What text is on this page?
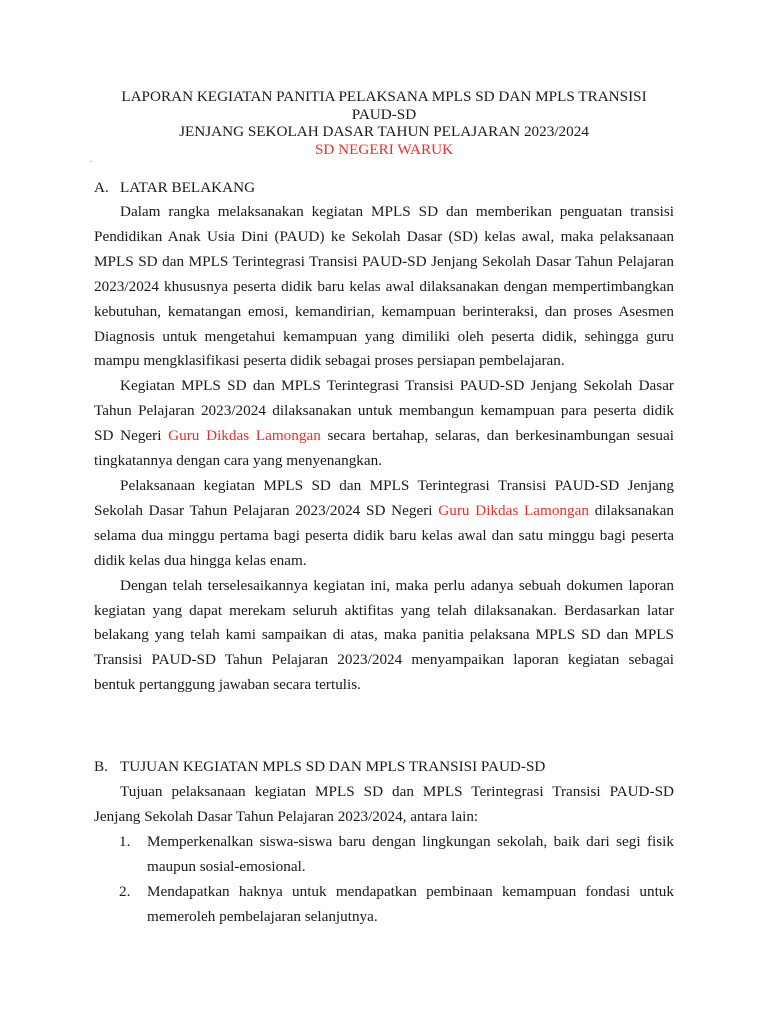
LAPORAN KEGIATAN PANITIA PELAKSANA MPLS SD DAN MPLS TRANSISI
PAUD-SD
JENJANG SEKOLAH DASAR TAHUN PELAJARAN 2023/2024
SD NEGERI WARUK
.
A. LATAR BELAKANG

Dalam rangka melaksanakan kegiatan MPLS SD dan memberikan penguatan transisi Pendidikan Anak Usia Dini (PAUD) ke Sekolah Dasar (SD) kelas awal, maka pelaksanaan MPLS SD dan MPLS Terintegrasi Transisi PAUD-SD Jenjang Sekolah Dasar Tahun Pelajaran 2023/2024 khususnya peserta didik baru kelas awal dilaksanakan dengan mempertimbangkan kebutuhan, kematangan emosi, kemandirian, kemampuan berinteraksi, dan proses Asesmen Diagnosis untuk mengetahui kemampuan yang dimiliki oleh peserta didik, sehingga guru mampu mengklasifikasi peserta didik sebagai proses persiapan pembelajaran.

Kegiatan MPLS SD dan MPLS Terintegrasi Transisi PAUD-SD Jenjang Sekolah Dasar Tahun Pelajaran 2023/2024 dilaksanakan untuk membangun kemampuan para peserta didik SD Negeri Guru Dikdas Lamongan secara bertahap, selaras, dan berkesinambungan sesuai tingkatannya dengan cara yang menyenangkan.

Pelaksanaan kegiatan MPLS SD dan MPLS Terintegrasi Transisi PAUD-SD Jenjang Sekolah Dasar Tahun Pelajaran 2023/2024 SD Negeri Guru Dikdas Lamongan dilaksanakan selama dua minggu pertama bagi peserta didik baru kelas awal dan satu minggu bagi peserta didik kelas dua hingga kelas enam.

Dengan telah terselesaikannya kegiatan ini, maka perlu adanya sebuah dokumen laporan kegiatan yang dapat merekam seluruh aktifitas yang telah dilaksanakan. Berdasarkan latar belakang yang telah kami sampaikan di atas, maka panitia pelaksana MPLS SD dan MPLS Transisi PAUD-SD Tahun Pelajaran 2023/2024 menyampaikan laporan kegiatan sebagai bentuk pertanggung jawaban secara tertulis.

B. TUJUAN KEGIATAN MPLS SD DAN MPLS TRANSISI PAUD-SD

Tujuan pelaksanaan kegiatan MPLS SD dan MPLS Terintegrasi Transisi PAUD-SD Jenjang Sekolah Dasar Tahun Pelajaran 2023/2024, antara lain:

1. Memperkenalkan siswa-siswa baru dengan lingkungan sekolah, baik dari segi fisik maupun sosial-emosional.
2. Mendapatkan haknya untuk mendapatkan pembinaan kemampuan fondasi untuk memeroleh pembelajaran selanjutnya.
